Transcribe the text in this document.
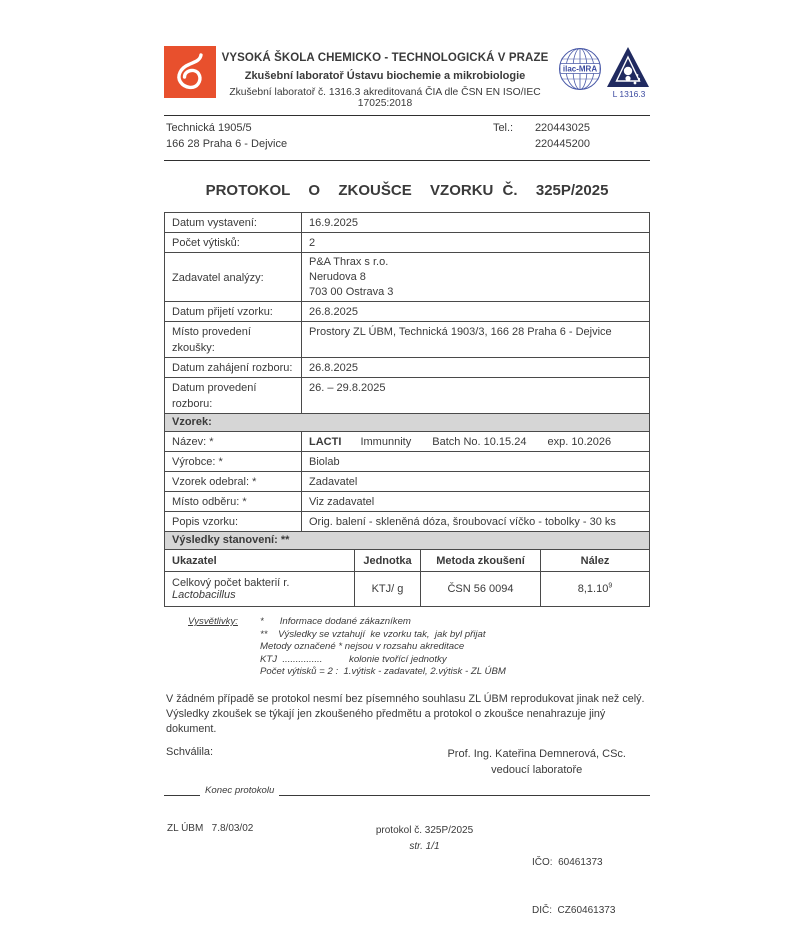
VYSOKÁ ŠKOLA CHEMICKO - TECHNOLOGICKÁ V PRAZE
Zkušební laboratoř Ústavu biochemie a mikrobiologie
Zkušební laboratoř č. 1316.3 akreditovaná ČIA dle ČSN EN ISO/IEC 17025:2018
ilac-MRA
L 1316.3
Technická 1905/5
166 28 Praha 6 - Dejvice
Tel.:	220443025
220445200
PROTOKOL  O  ZKOUŠCE  VZORKU Č.  325P/2025
Datum vystavení:	16.9.2025
Počet výtisků:	2
Zadavatel analýzy:
P&A Thrax s r.o.
Nerudova 8
703 00 Ostrava 3
Datum přijetí vzorku:	26.8.2025
Místo provedení zkoušky:
Prostory ZL ÚBM, Technická 1903/3, 166 28 Praha 6 - Dejvice
Datum zahájení rozboru:	26.8.2025
Datum provedení rozboru:
26. – 29.8.2025
Vzorek:
Název: *	LACTI Immunnity Batch No. 10.15.24 exp. 10.2026
Výrobce: *	Biolab
Vzorek odebral: *	Zadavatel
Místo odběru: *	Viz zadavatel
Popis vzorku:	Orig. balení - skleněná dóza, šroubovací víčko - tobolky - 30 ks
Výsledky stanovení: **
Ukazatel	Jednotka	Metoda zkoušení	Nález
Celkový počet bakterií r. Lactobacillus	KTJ/ g	ČSN 56 0094	8,1.10$^9$
Vysvětlivky:	*      Informace dodané zákazníkem
**    Výsledky se vztahují  ke vzorku tak,  jak byl přijat
Metody označené * nejsou v rozsahu akreditace
KTJ  ...............          kolonie tvořící jednotky
Počet výtisků = 2 :  1.výtisk - zadavatel, 2.výtisk - ZL ÚBM
V žádném případě se protokol nesmí bez písemného souhlasu ZL ÚBM reprodukovat jinak než celý. Výsledky zkoušek se týkají jen zkoušeného předmětu a protokol o zkoušce nenahrazuje jiný dokument.
Schválila:	Prof. Ing. Kateřina Demnerová, CSc.
vedoucí laboratoře
Konec protokolu
ZL ÚBM   7.8/03/02	protokol č. 325P/2025
str. 1/1

IČO:  60461373

DIČ:  CZ60461373
